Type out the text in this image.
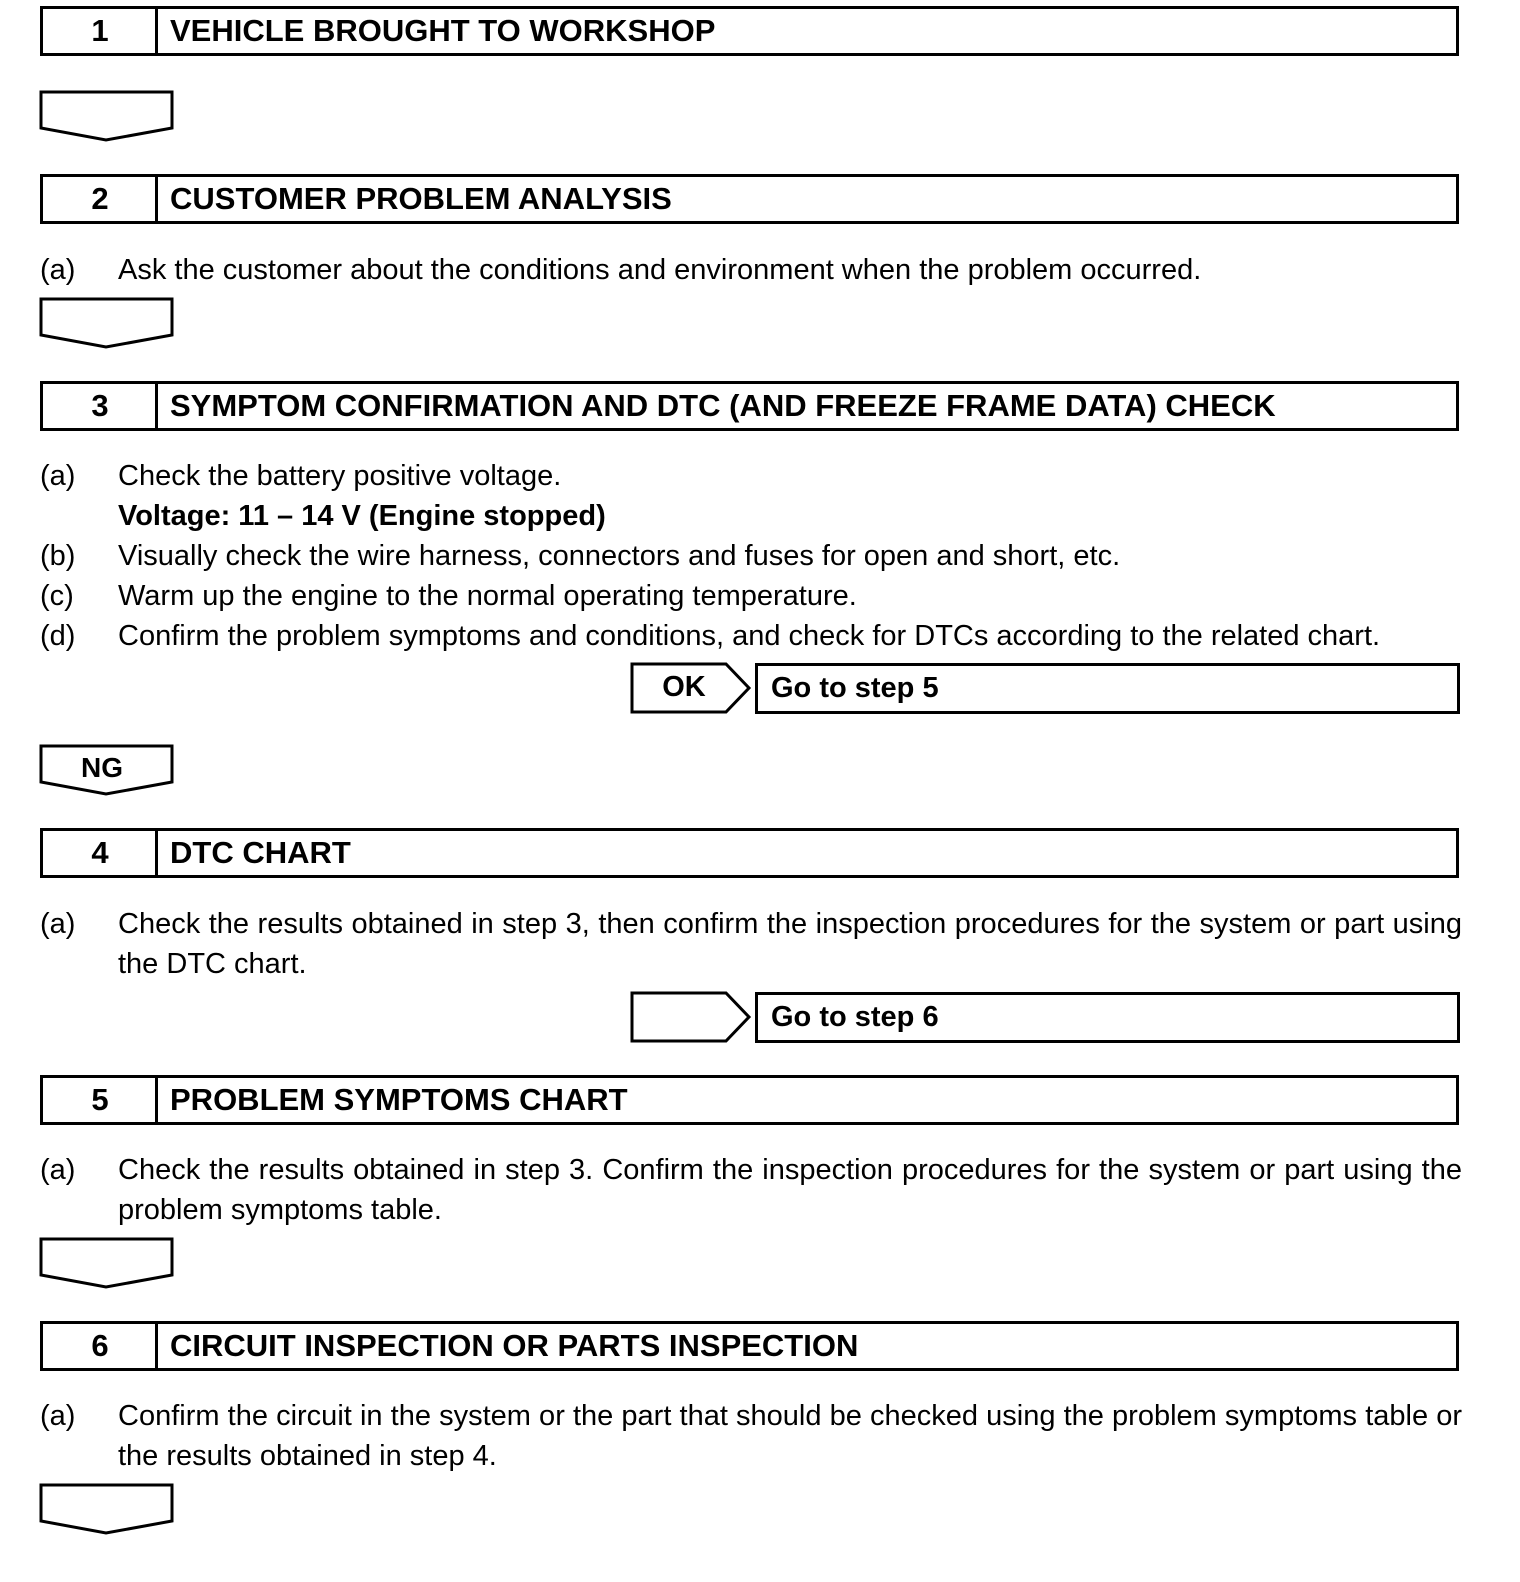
1	VEHICLE BROUGHT TO WORKSHOP
2	CUSTOMER PROBLEM ANALYSIS
(a)	Ask the customer about the conditions and environment when the problem occurred.
3	SYMPTOM CONFIRMATION AND DTC (AND FREEZE FRAME DATA) CHECK
(a)	Check the battery positive voltage.
Voltage: 11 – 14 V (Engine stopped)
(b)	Visually check the wire harness, connectors and fuses for open and short, etc.
(c)	Warm up the engine to the normal operating temperature.
(d)	Confirm the problem symptoms and conditions, and check for DTCs according to the related chart.
OK	Go to step 5
NG
4	DTC CHART
(a)	Check the results obtained in step 3, then confirm the inspection procedures for the system or part using the DTC chart.
Go to step 6
5	PROBLEM SYMPTOMS CHART
(a)	Check the results obtained in step 3. Confirm the inspection procedures for the system or part using the problem symptoms table.
6	CIRCUIT INSPECTION OR PARTS INSPECTION
(a)	Confirm the circuit in the system or the part that should be checked using the problem symptoms table or the results obtained in step 4.
